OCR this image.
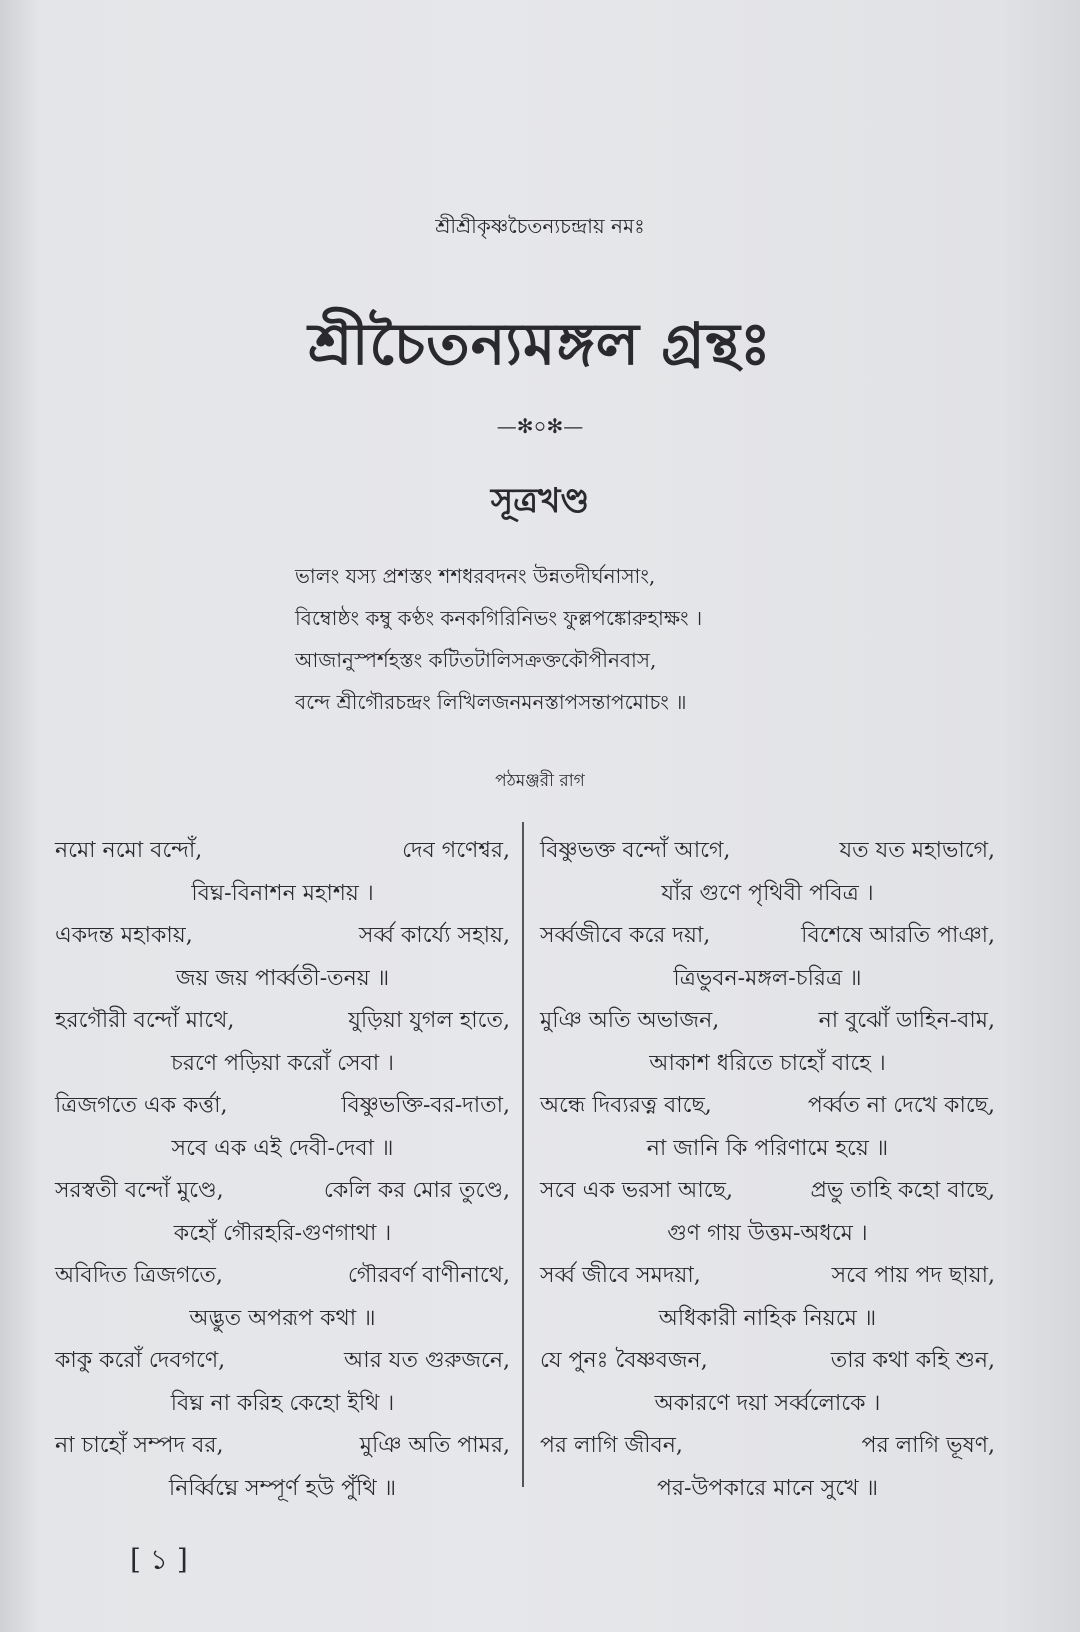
শ্রীশ্রীকৃষ্ণচৈতন্যচন্দ্রায় নমঃ
শ্রীচৈতন্যমঙ্গল গ্রন্থঃ
—✻০✻—
সূত্রখণ্ড
ভালং যস্য প্রশস্তং শশধরবদনং উন্নতদীর্ঘনাসাং,
বিম্বোষ্ঠং কম্বু কণ্ঠং কনকগিরিনিভং ফুল্লপঙ্কোরুহাক্ষং ।
আজানুস্পর্শহস্তং কটিতটালিসক্রক্তকৌপীনবাস,
বন্দে শ্রীগৌরচন্দ্রং লিখিলজনমনস্তাপসন্তাপমোচং ॥
পঠমঞ্জরী রাগ
নমো নমো বন্দোঁ,	দেব গণেশ্বর,
বিঘ্ন-বিনাশন মহাশয় ।
একদন্ত মহাকায়,	সর্ব্ব কার্য্যে সহায়,
জয় জয় পার্ব্বতী-তনয় ॥
হরগৌরী বন্দোঁ মাথে,	যুড়িয়া যুগল হাতে,
চরণে পড়িয়া করোঁ সেবা ।
ত্রিজগতে এক কর্ত্তা,	বিষ্ণুভক্তি-বর-দাতা,
সবে এক এই দেবী-দেবা ॥
সরস্বতী বন্দোঁ মুণ্ডে,	কেলি কর মোর তুণ্ডে,
কহোঁ গৌরহরি-গুণগাথা ।
অবিদিত ত্রিজগতে,	গৌরবর্ণ বাণীনাথে,
অদ্ভুত অপরূপ কথা ॥
কাকু করোঁ দেবগণে,	আর যত গুরুজনে,
বিঘ্ন না করিহ কেহো ইথি ।
না চাহোঁ সম্পদ বর,	মুঞি অতি পামর,
নির্ব্বিঘ্নে সম্পূর্ণ হউ পুঁথি ॥
বিষ্ণুভক্ত বন্দোঁ আগে,	যত যত মহাভাগে,
যাঁর গুণে পৃথিবী পবিত্র ।
সর্ব্বজীবে করে দয়া,	বিশেষে আরতি পাঞা,
ত্রিভুবন-মঙ্গল-চরিত্র ॥
মুঞি অতি অভাজন,	না বুঝোঁ ডাহিন-বাম,
আকাশ ধরিতে চাহোঁ বাহে ।
অন্ধে দিব্যরত্ন বাছে,	পর্ব্বত না দেখে কাছে,
না জানি কি পরিণামে হয়ে ॥
সবে এক ভরসা আছে,	প্রভু তাহি কহো বাছে,
গুণ গায় উত্তম-অধমে ।
সর্ব্ব জীবে সমদয়া,	সবে পায় পদ ছায়া,
অধিকারী নাহিক নিয়মে ॥
যে পুনঃ বৈষ্ণবজন,	তার কথা কহি শুন,
অকারণে দয়া সর্ব্বলোকে ।
পর লাগি জীবন,	পর লাগি ভূষণ,
পর-উপকারে মানে সুখে ॥
[ ১ ]
